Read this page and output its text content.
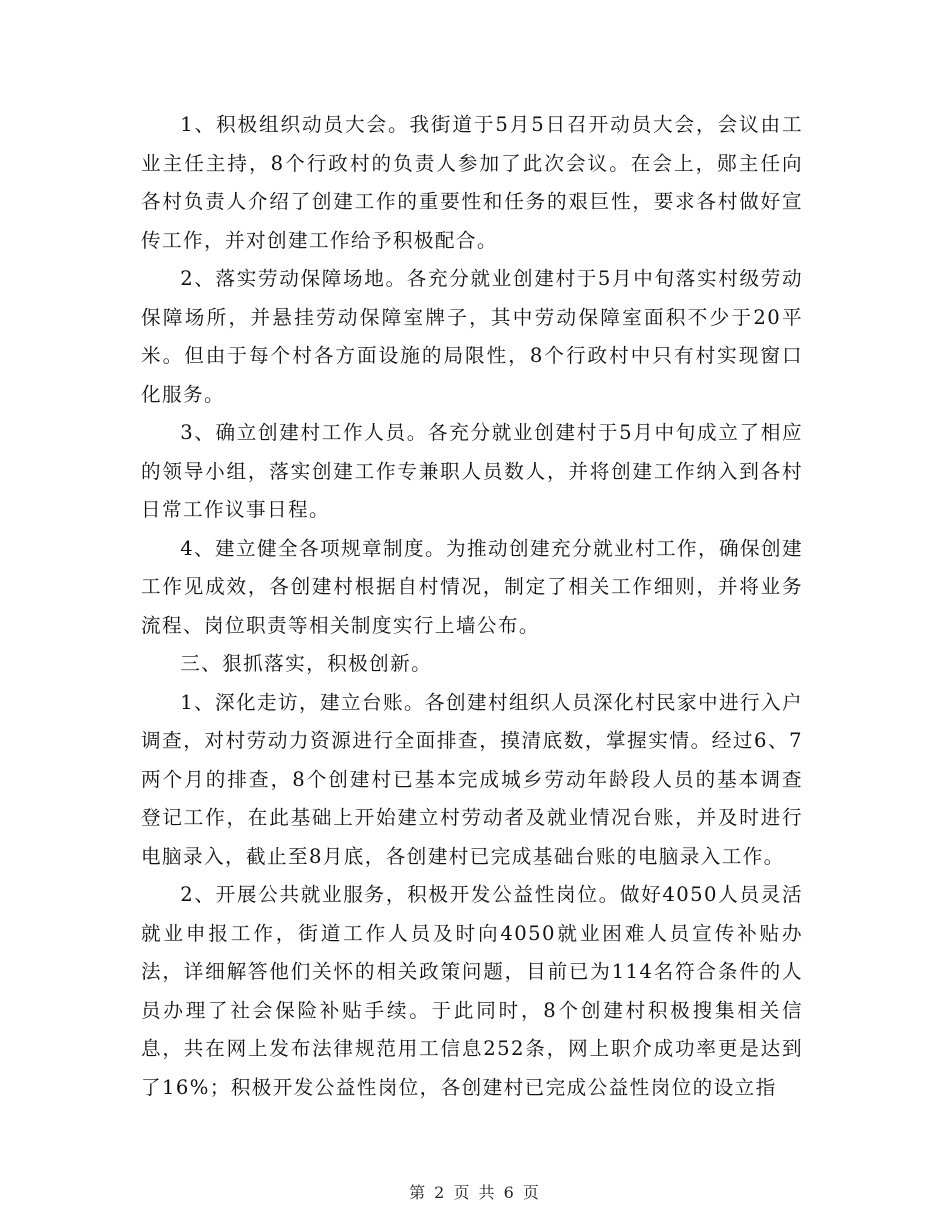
1、积极组织动员大会。我街道于5月5日召开动员大会，会议由工业主任主持，8个行政村的负责人参加了此次会议。在会上，郧主任向各村负责人介绍了创建工作的重要性和任务的艰巨性，要求各村做好宣传工作，并对创建工作给予积极配合。

2、落实劳动保障场地。各充分就业创建村于5月中旬落实村级劳动保障场所，并悬挂劳动保障室牌子，其中劳动保障室面积不少于20平米。但由于每个村各方面设施的局限性，8个行政村中只有村实现窗口化服务。

3、确立创建村工作人员。各充分就业创建村于5月中旬成立了相应的领导小组，落实创建工作专兼职人员数人，并将创建工作纳入到各村日常工作议事日程。

4、建立健全各项规章制度。为推动创建充分就业村工作，确保创建工作见成效，各创建村根据自村情况，制定了相关工作细则，并将业务流程、岗位职责等相关制度实行上墙公布。

三、狠抓落实，积极创新。

1、深化走访，建立台账。各创建村组织人员深化村民家中进行入户调查，对村劳动力资源进行全面排查，摸清底数，掌握实情。经过6、7两个月的排查，8个创建村已基本完成城乡劳动年龄段人员的基本调查登记工作，在此基础上开始建立村劳动者及就业情况台账，并及时进行电脑录入，截止至8月底，各创建村已完成基础台账的电脑录入工作。

2、开展公共就业服务，积极开发公益性岗位。做好4050人员灵活就业申报工作，街道工作人员及时向4050就业困难人员宣传补贴办法，详细解答他们关怀的相关政策问题，目前已为114名符合条件的人员办理了社会保险补贴手续。于此同时，8个创建村积极搜集相关信息，共在网上发布法律规范用工信息252条，网上职介成功率更是达到了16%；积极开发公益性岗位，各创建村已完成公益性岗位的设立指

第 2 页 共 6 页
